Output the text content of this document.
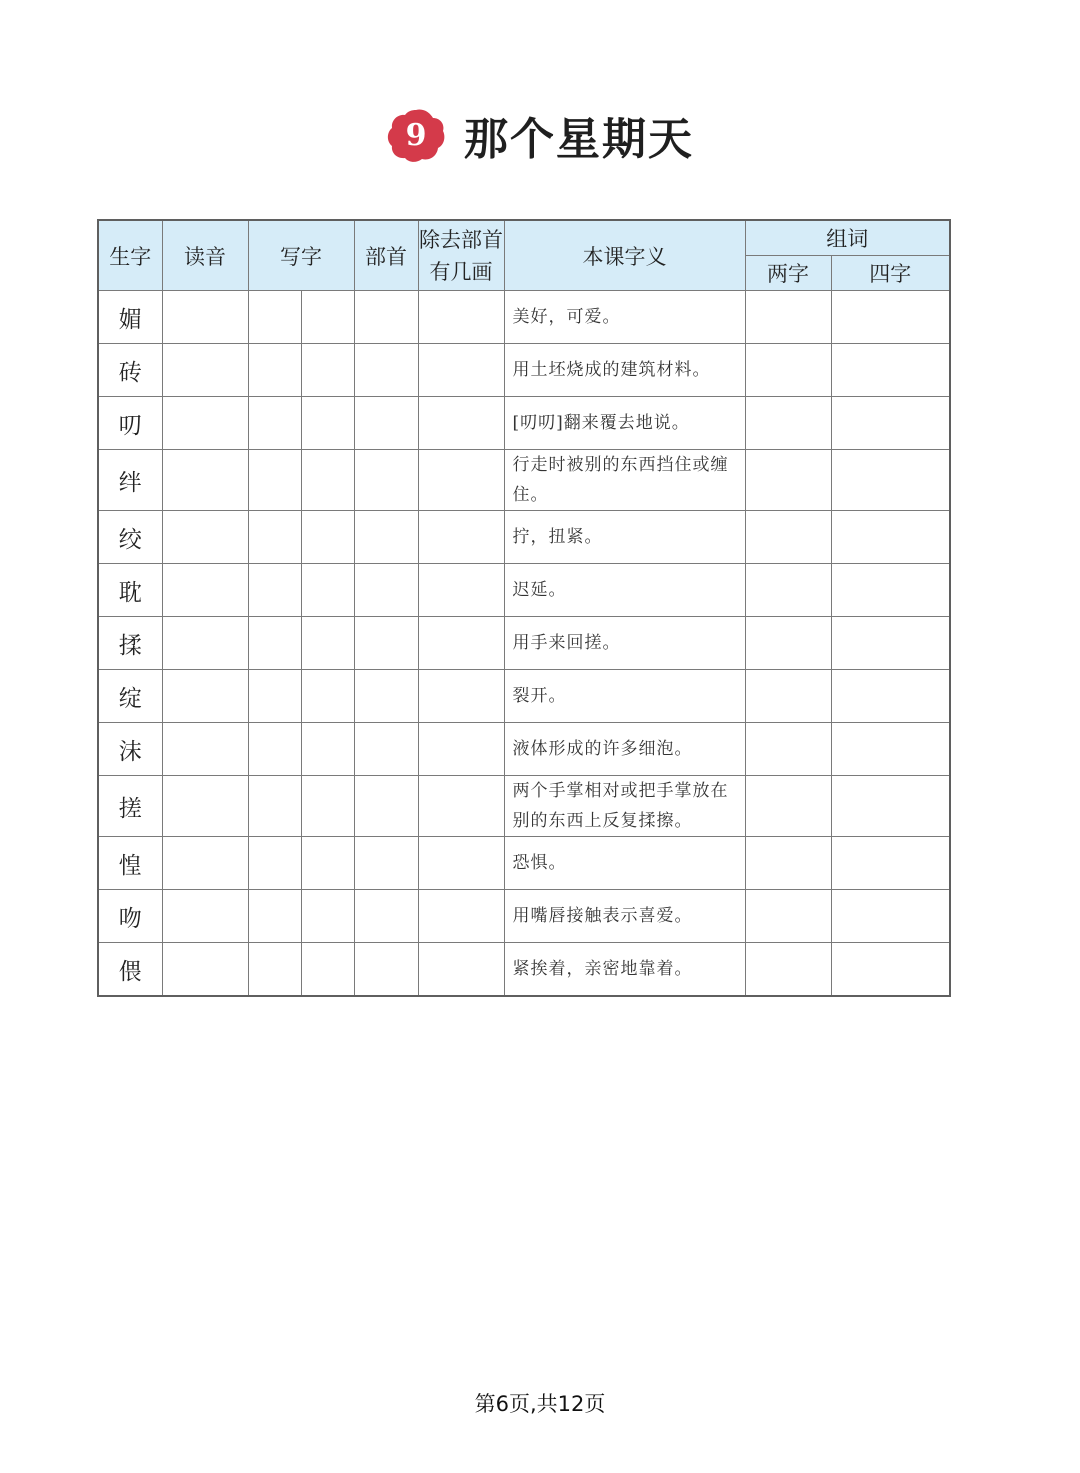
9 那个星期天
生字	读音	写字		部首	除去部首
有几画	本课字义	组词	
							两字	四字
媚						美好，可爱。		
砖						用土坯烧成的建筑材料。		
叨						[叨叨]翻来覆去地说。		
绊						行走时被别的东西挡住或缠住。		
绞						拧，扭紧。		
耽						迟延。		
揉						用手来回搓。		
绽						裂开。		
沫						液体形成的许多细泡。		
搓						两个手掌相对或把手掌放在别的东西上反复揉擦。		
惶						恐惧。		
吻						用嘴唇接触表示喜爱。		
偎						紧挨着，亲密地靠着。		
第6页,共12页
